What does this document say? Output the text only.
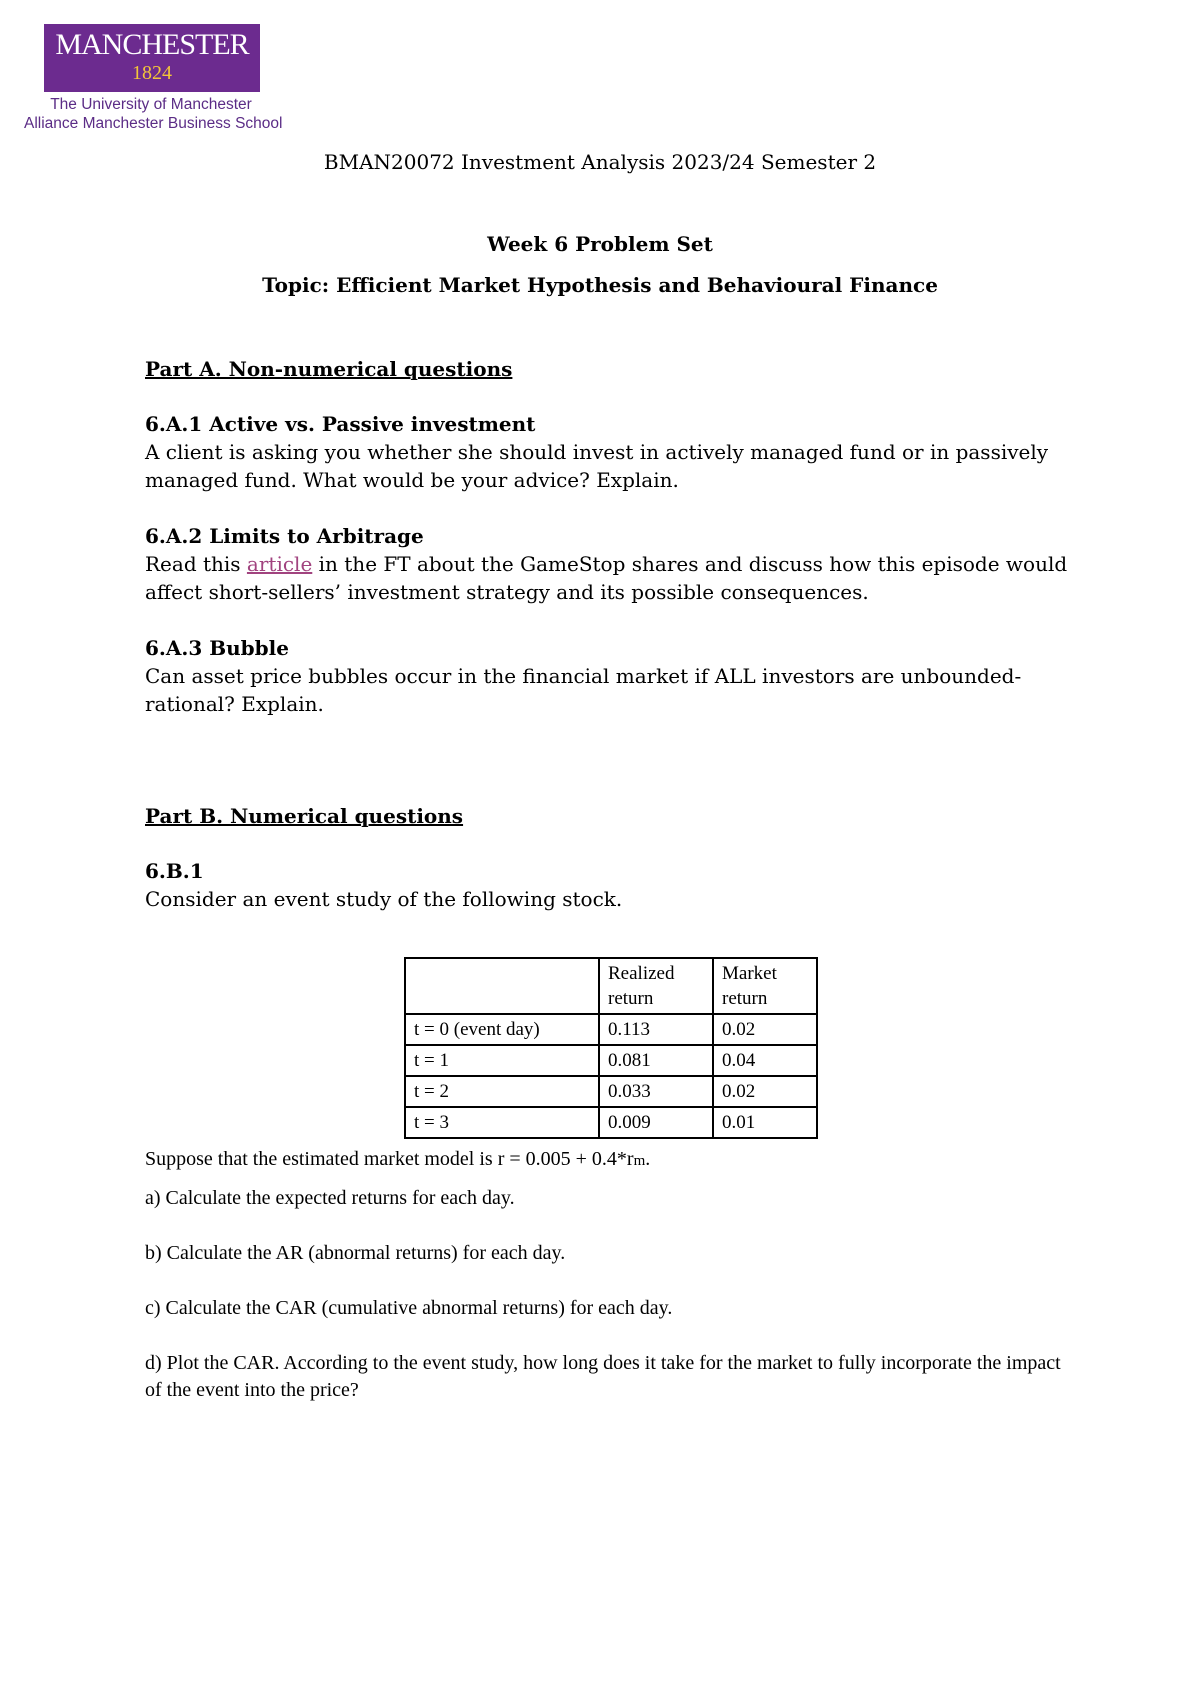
MANCHESTER
1824
The University of Manchester
Alliance Manchester Business School
BMAN20072 Investment Analysis 2023/24 Semester 2
Week 6 Problem Set
Topic: Efficient Market Hypothesis and Behavioural Finance
Part A. Non-numerical questions
6.A.1 Active vs. Passive investment
A client is asking you whether she should invest in actively managed fund or in passively managed fund. What would be your advice? Explain.
6.A.2 Limits to Arbitrage
Read this article in the FT about the GameStop shares and discuss how this episode would affect short-sellers’ investment strategy and its possible consequences.
6.A.3 Bubble
Can asset price bubbles occur in the financial market if ALL investors are unbounded-rational? Explain.
Part B. Numerical questions
6.B.1
Consider an event study of the following stock.
	Realized return	Market return
t = 0 (event day)	0.113	0.02
t = 1	0.081	0.04
t = 2	0.033	0.02
t = 3	0.009	0.01
Suppose that the estimated market model is r = 0.005 + 0.4*rm.
a) Calculate the expected returns for each day.
b) Calculate the AR (abnormal returns) for each day.
c) Calculate the CAR (cumulative abnormal returns) for each day.
d) Plot the CAR. According to the event study, how long does it take for the market to fully incorporate the impact of the event into the price?
